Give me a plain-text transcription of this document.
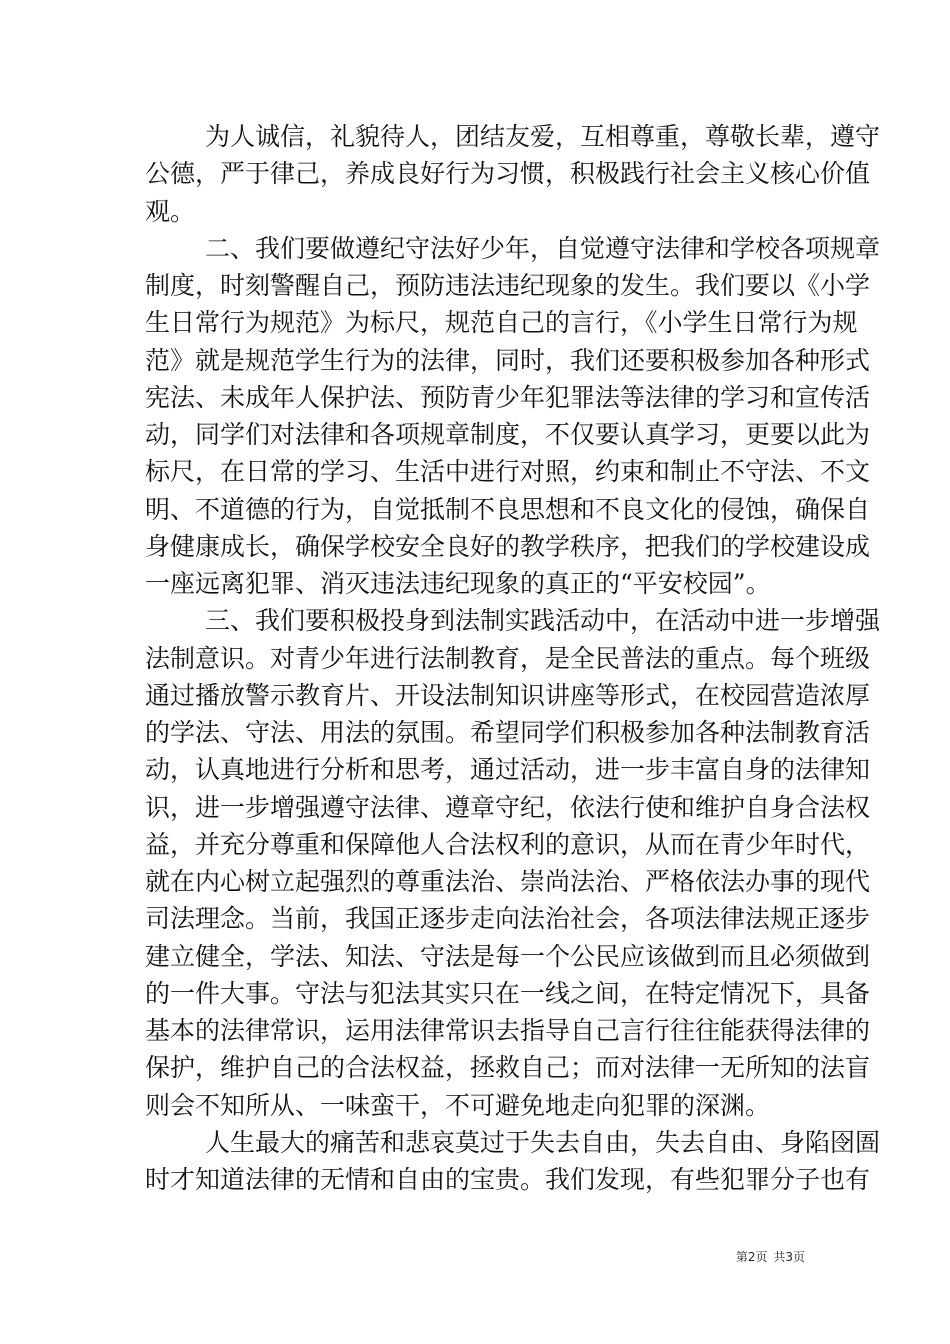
为人诚信，礼貌待人，团结友爱，互相尊重，尊敬长辈，遵守
公德，严于律己，养成良好行为习惯，积极践行社会主义核心价值
观。
二、我们要做遵纪守法好少年，自觉遵守法律和学校各项规章
制度，时刻警醒自己，预防违法违纪现象的发生。我们要以《小学
生日常行为规范》为标尺，规范自己的言行，《小学生日常行为规
范》就是规范学生行为的法律，同时，我们还要积极参加各种形式
宪法、未成年人保护法、预防青少年犯罪法等法律的学习和宣传活
动，同学们对法律和各项规章制度，不仅要认真学习，更要以此为
标尺，在日常的学习、生活中进行对照，约束和制止不守法、不文
明、不道德的行为，自觉抵制不良思想和不良文化的侵蚀，确保自
身健康成长，确保学校安全良好的教学秩序，把我们的学校建设成
一座远离犯罪、消灭违法违纪现象的真正的“平安校园”。
三、我们要积极投身到法制实践活动中，在活动中进一步增强
法制意识。对青少年进行法制教育，是全民普法的重点。每个班级
通过播放警示教育片、开设法制知识讲座等形式，在校园营造浓厚
的学法、守法、用法的氛围。希望同学们积极参加各种法制教育活
动，认真地进行分析和思考，通过活动，进一步丰富自身的法律知
识，进一步增强遵守法律、遵章守纪，依法行使和维护自身合法权
益，并充分尊重和保障他人合法权利的意识，从而在青少年时代，
就在内心树立起强烈的尊重法治、崇尚法治、严格依法办事的现代
司法理念。当前，我国正逐步走向法治社会，各项法律法规正逐步
建立健全，学法、知法、守法是每一个公民应该做到而且必须做到
的一件大事。守法与犯法其实只在一线之间，在特定情况下，具备
基本的法律常识，运用法律常识去指导自己言行往往能获得法律的
保护，维护自己的合法权益，拯救自己；而对法律一无所知的法盲
则会不知所从、一味蛮干，不可避免地走向犯罪的深渊。
人生最大的痛苦和悲哀莫过于失去自由，失去自由、身陷囹圄
时才知道法律的无情和自由的宝贵。我们发现，有些犯罪分子也有
第2页 共3页
